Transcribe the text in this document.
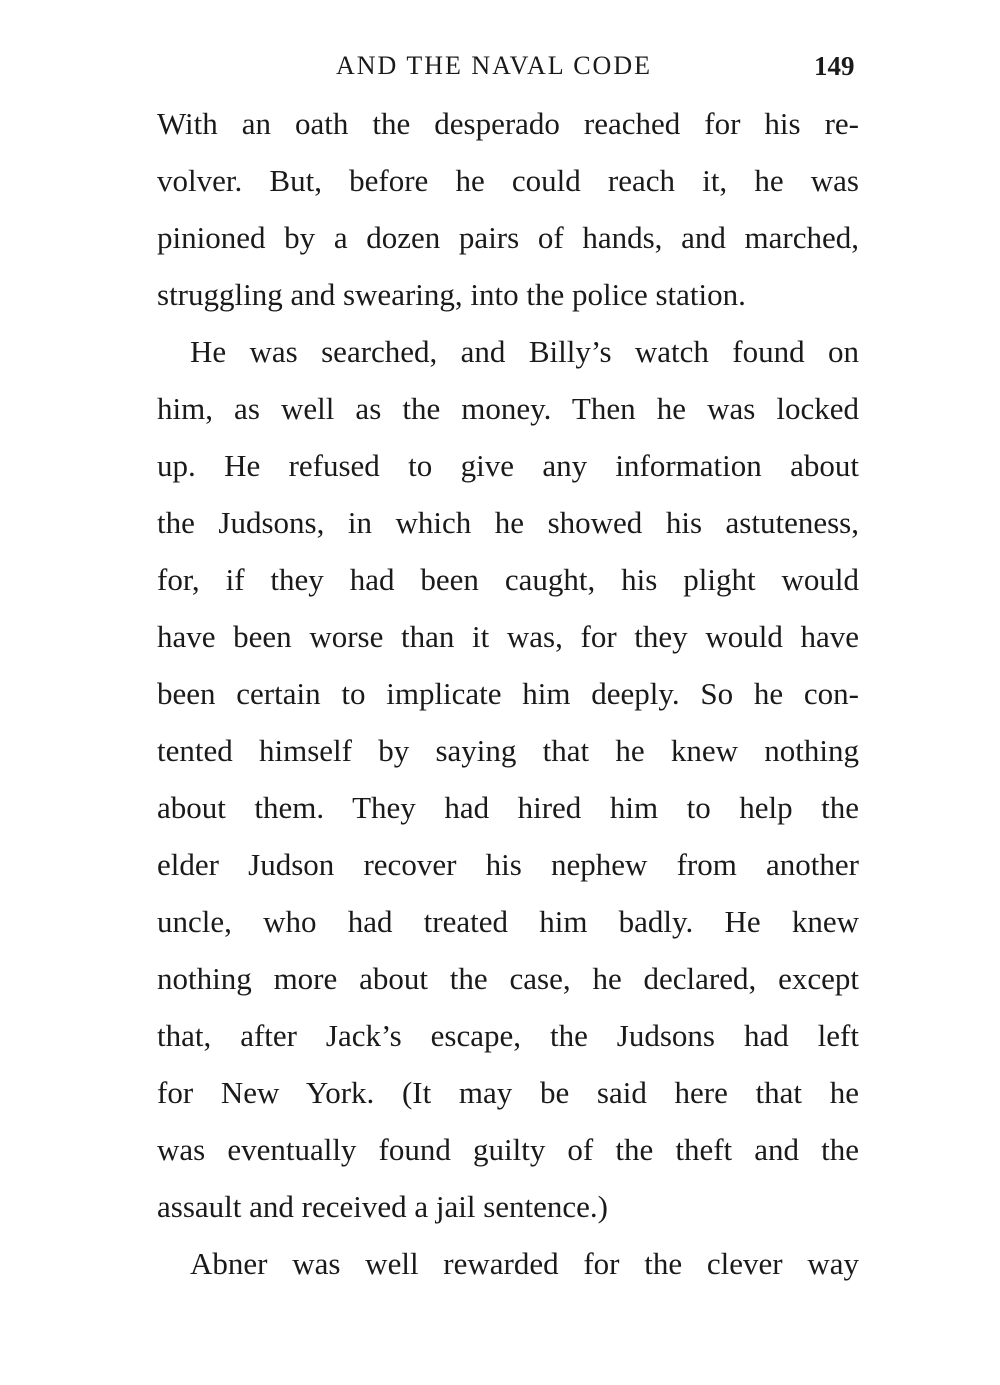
AND THE NAVAL CODE	149
With an oath the desperado reached for his re-
volver. But, before he could reach it, he was
pinioned by a dozen pairs of hands, and marched,
struggling and swearing, into the police station.
He was searched, and Billy’s watch found on
him, as well as the money. Then he was locked
up. He refused to give any information about
the Judsons, in which he showed his astuteness,
for, if they had been caught, his plight would
have been worse than it was, for they would have
been certain to implicate him deeply. So he con-
tented himself by saying that he knew nothing
about them. They had hired him to help the
elder Judson recover his nephew from another
uncle, who had treated him badly. He knew
nothing more about the case, he declared, except
that, after Jack’s escape, the Judsons had left
for New York. (It may be said here that he
was eventually found guilty of the theft and the
assault and received a jail sentence.)
Abner was well rewarded for the clever way
